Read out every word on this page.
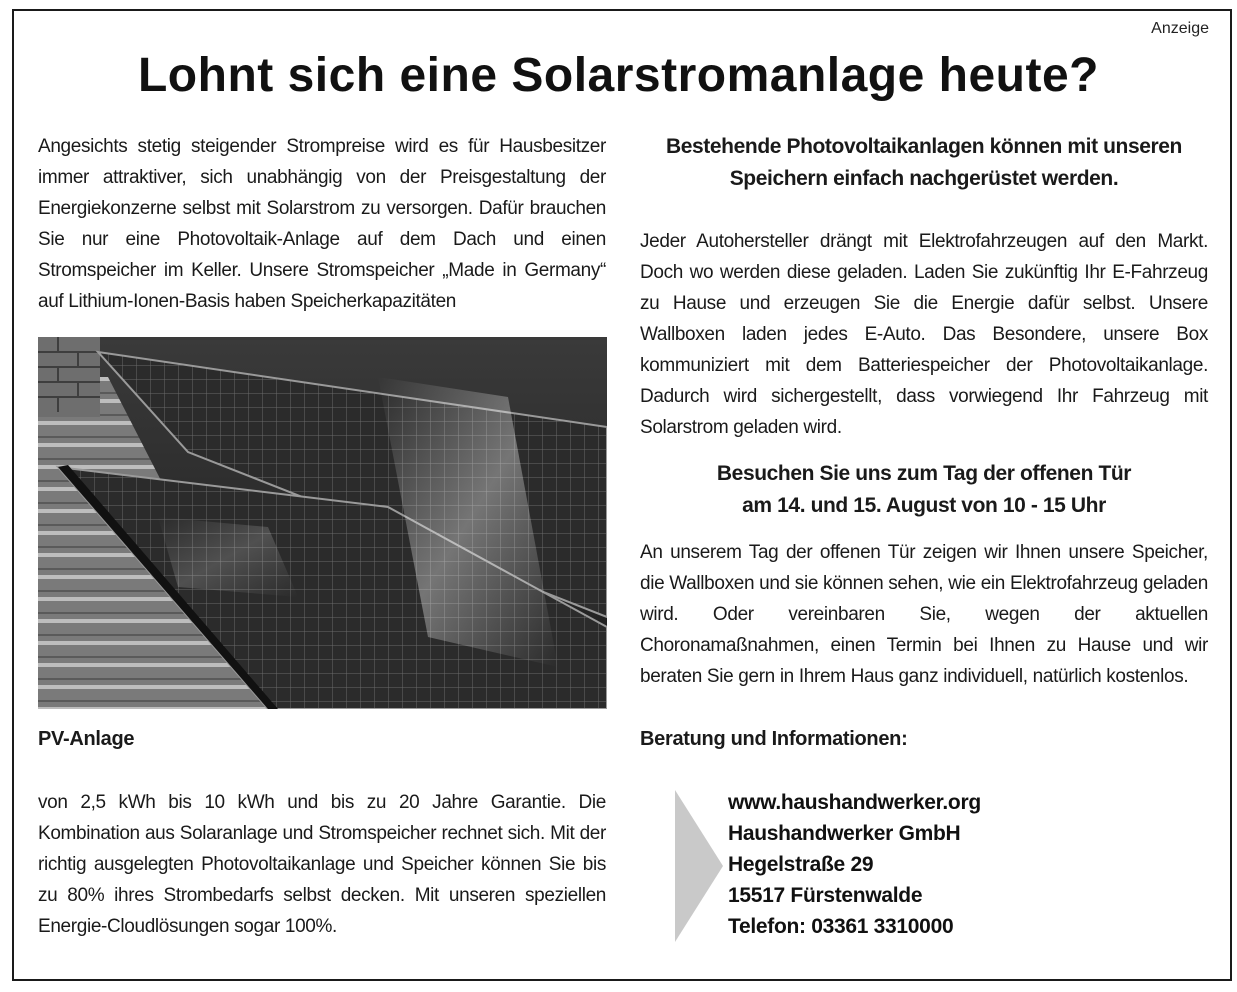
Anzeige
Lohnt sich eine Solarstromanlage heute?

Angesichts stetig steigender Strompreise wird es für Hausbesitzer immer attraktiver, sich unabhängig von der Preisgestaltung der Energiekonzerne selbst mit Solarstrom zu versorgen. Dafür brauchen Sie nur eine Photovoltaik-Anlage auf dem Dach und einen Stromspeicher im Keller. Unsere Stromspeicher „Made in Germany“ auf Lithium-Ionen-Basis haben Speicherkapazitäten

PV-Anlage

von 2,5 kWh bis 10 kWh und bis zu 20 Jahre Garantie. Die Kombination aus Solaranlage und Stromspeicher rechnet sich. Mit der richtig ausgelegten Photovoltaikanlage und Speicher können Sie bis zu 80% ihres Strombedarfs selbst decken. Mit unseren speziellen Energie-Cloudlösungen sogar 100%.

Bestehende Photovoltaikanlagen können mit unseren Speichern einfach nachgerüstet werden.

Jeder Autohersteller drängt mit Elektrofahrzeugen auf den Markt. Doch wo werden diese geladen. Laden Sie zukünftig Ihr E-Fahrzeug zu Hause und erzeugen Sie die Energie dafür selbst. Unsere Wallboxen laden jedes E-Auto. Das Besondere, unsere Box kommuniziert mit dem Batteriespeicher der Photovoltaikanlage. Dadurch wird sichergestellt, dass vorwiegend Ihr Fahrzeug mit Solarstrom geladen wird.

Besuchen Sie uns zum Tag der offenen Tür
am 14. und 15. August von 10 - 15 Uhr

An unserem Tag der offenen Tür zeigen wir Ihnen unsere Speicher, die Wallboxen und sie können sehen, wie ein Elektrofahrzeug geladen wird. Oder vereinbaren Sie, wegen der aktuellen Choronamaßnahmen, einen Termin bei Ihnen zu Hause und wir beraten Sie gern in Ihrem Haus ganz individuell, natürlich kostenlos.

Beratung und Informationen:

www.haushandwerker.org
Haushandwerker GmbH
Hegelstraße 29
15517 Fürstenwalde
Telefon: 03361 3310000
